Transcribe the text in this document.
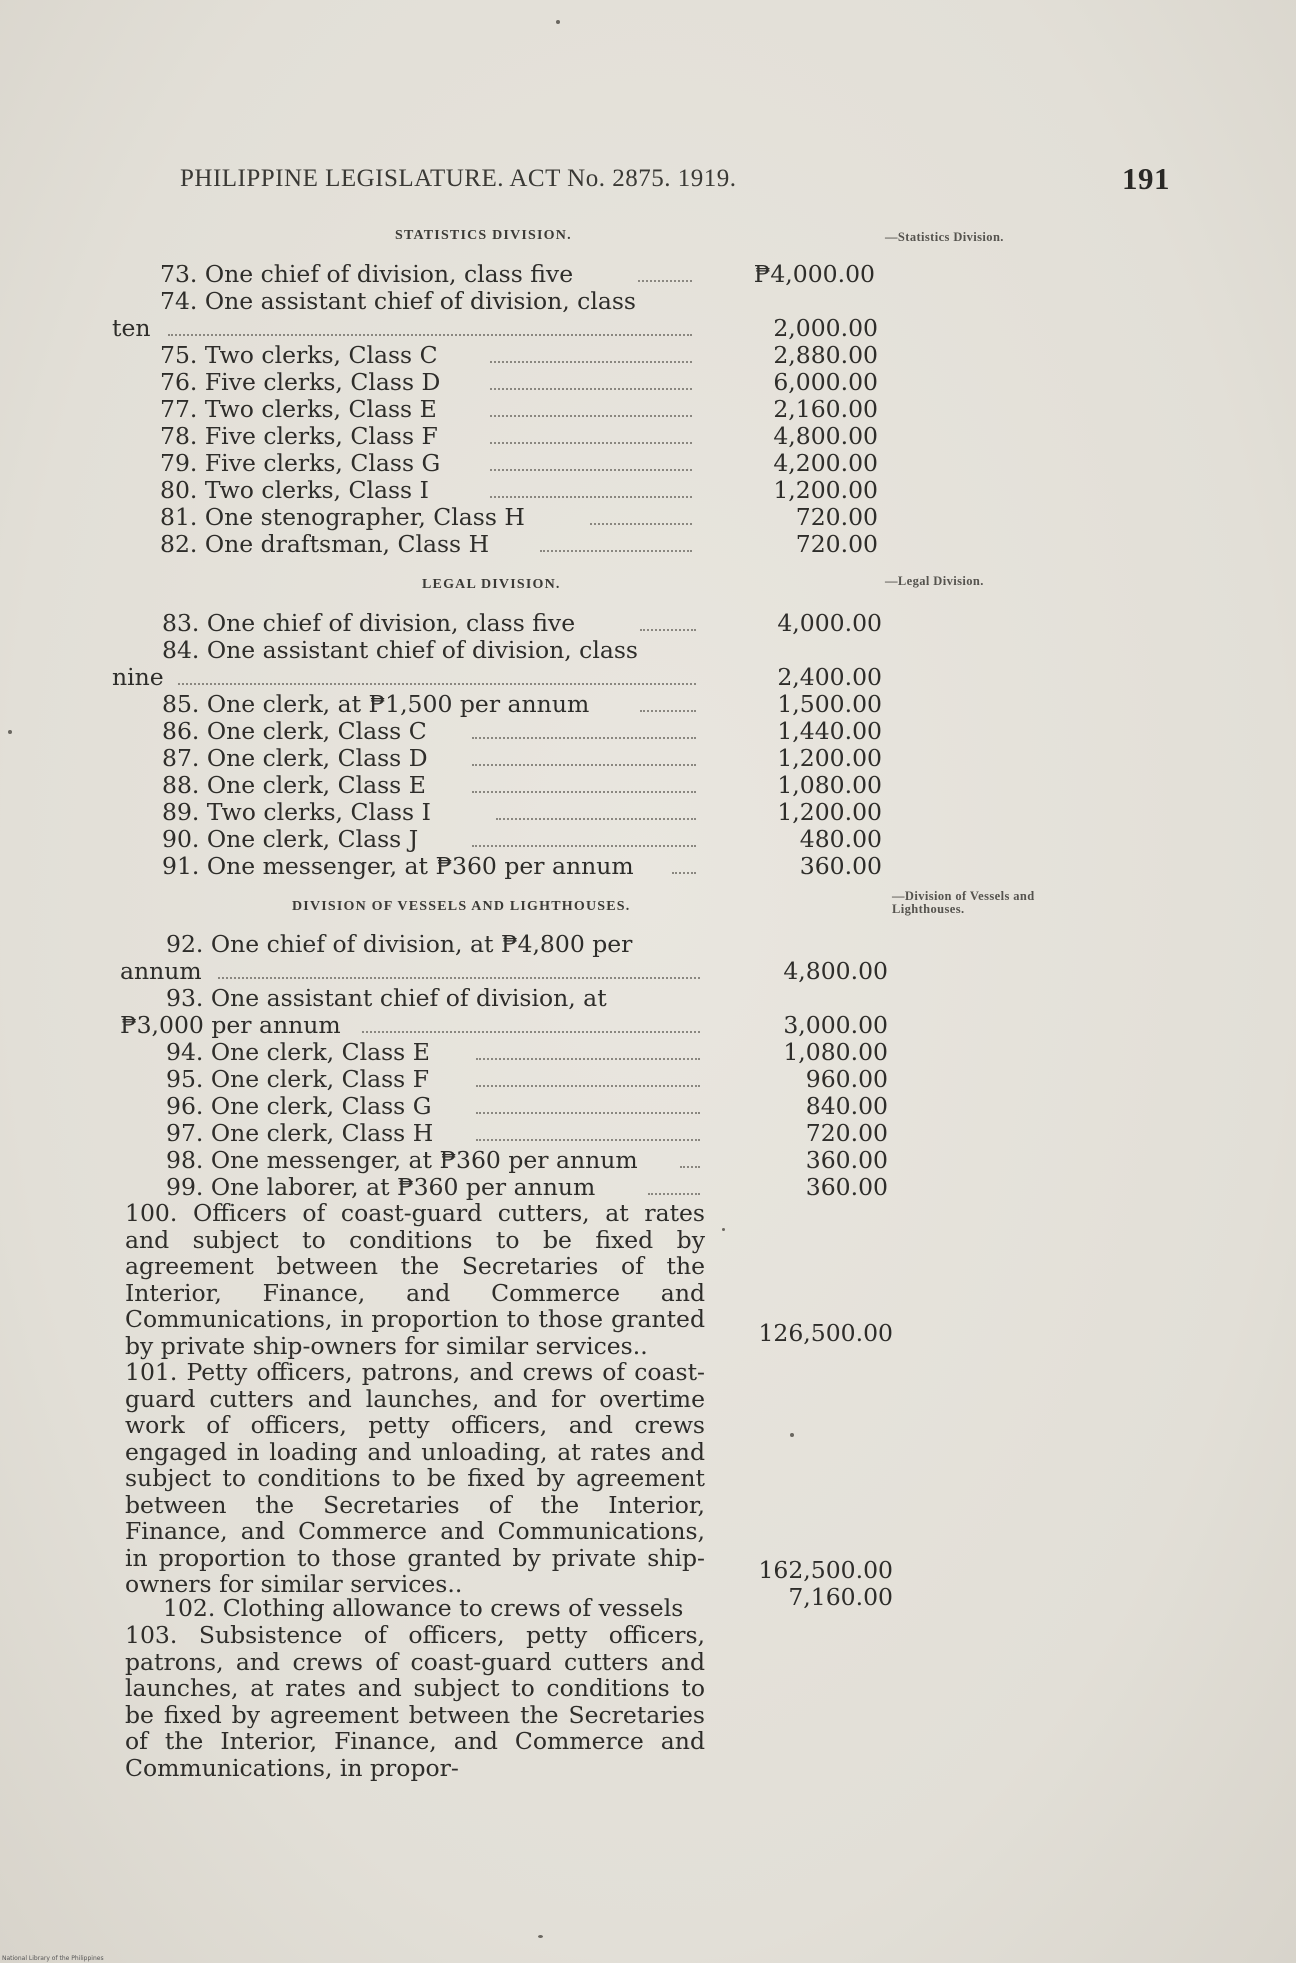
PHILIPPINE LEGISLATURE. ACT No. 2875. 1919.	191
STATISTICS DIVISION.	—Statistics Division.
73. One chief of division, class five	₱4,000.00
74. One assistant chief of division, class
ten	2,000.00
75. Two clerks, Class C	2,880.00
76. Five clerks, Class D	6,000.00
77. Two clerks, Class E	2,160.00
78. Five clerks, Class F	4,800.00
79. Five clerks, Class G	4,200.00
80. Two clerks, Class I	1,200.00
81. One stenographer, Class H	720.00
82. One draftsman, Class H	720.00
LEGAL DIVISION.	—Legal Division.
83. One chief of division, class five	4,000.00
84. One assistant chief of division, class
nine	2,400.00
85. One clerk, at ₱1,500 per annum	1,500.00
86. One clerk, Class C	1,440.00
87. One clerk, Class D	1,200.00
88. One clerk, Class E	1,080.00
89. Two clerks, Class I	1,200.00
90. One clerk, Class J	480.00
91. One messenger, at ₱360 per annum	360.00
DIVISION OF VESSELS AND LIGHTHOUSES.
—Division of Vessels and Lighthouses.
92. One chief of division, at ₱4,800 per
annum	4,800.00
93. One assistant chief of division, at
₱3,000 per annum	3,000.00
94. One clerk, Class E	1,080.00
95. One clerk, Class F	960.00
96. One clerk, Class G	840.00
97. One clerk, Class H	720.00
98. One messenger, at ₱360 per annum	360.00
99. One laborer, at ₱360 per annum	360.00
100. Officers of coast-guard cutters, at rates and subject to conditions to be fixed by agreement between the Secretaries of the Interior, Finance, and Commerce and Communications, in proportion to those granted by private ship-owners for similar services..	126,500.00
101. Petty officers, patrons, and crews of coast-guard cutters and launches, and for overtime work of officers, petty officers, and crews engaged in loading and unloading, at rates and subject to conditions to be fixed by agreement between the Secretaries of the Interior, Finance, and Commerce and Communications, in proportion to those granted by private ship-owners for similar services..	162,500.00
102. Clothing allowance to crews of vessels	7,160.00
103. Subsistence of officers, petty officers, patrons, and crews of coast-guard cutters and launches, at rates and subject to conditions to be fixed by agreement between the Secretaries of the Interior, Finance, and Commerce and Communications, in propor-
National Library of the Philippines
